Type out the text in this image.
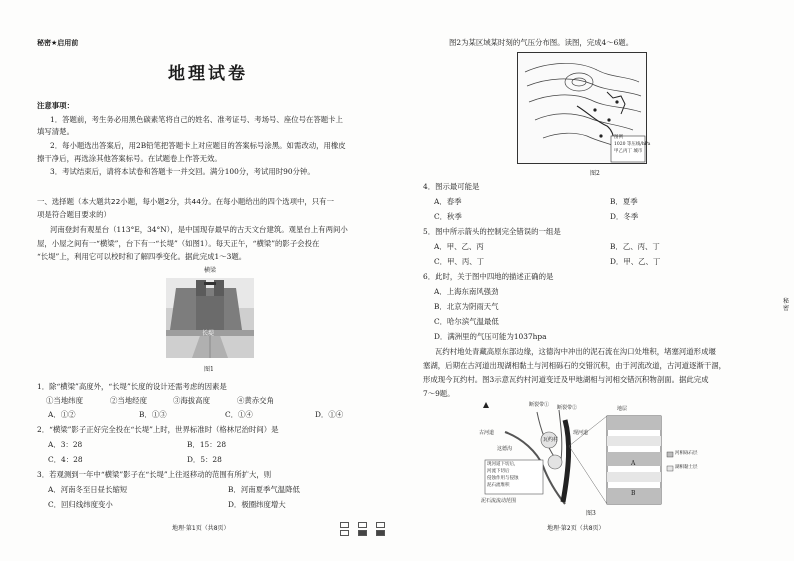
秘密★启用前
地理试卷
注意事项：
1．答题前，考生务必用黑色碳素笔将自己的姓名、准考证号、考场号、座位号在答题卡上
填写清楚。
2．每小题选出答案后，用2B铅笔把答题卡上对应题目的答案标号涂黑。如需改动，用橡皮
擦干净后，再选涂其他答案标号。在试题卷上作答无效。
3．考试结束后，请将本试卷和答题卡一并交回。满分100分，考试用时90分钟。
一、选择题（本大题共22小题，每小题2分，共44分。在每小题给出的四个选项中，只有一
项是符合题目要求的）
河南登封有观星台（113°E，34°N），是中国现存最早的古天文台建筑。观星台上有两间小
屋，小屋之间有一“横梁”，台下有一“长堤”（如图1）。每天正午，“横梁”的影子会投在
“长堤”上，利用它可以校时和了解四季变化。据此完成1～3题。
横梁
长堤
图1
1．除“横梁”高度外，“长堤”长度的设计还需考虑的因素是
①当地纬度	②当地经度	③海拔高度	④黄赤交角
A．①②	B．①③	C．①④	D．①④
2．“横梁”影子正好完全投在“长堤”上时，世界标准时（格林尼治时间）是
A．3：28	B．15：28
C．4：28	D．5：28
3．若观测到一年中“横梁”影子在“长堤”上往返移动的范围有所扩大，则
A．河南冬至日昼长缩短	B．河南夏季气温降低
C．回归线纬度变小	D．极圈纬度增大
地理·第1页（共8页）
图2为某区域某时刻的气压分布图。读图，完成4～6题。
图例
1020 等压线/hPa
甲乙丙丁 城市
图2
4．图示最可能是
A．春季	B．夏季
C．秋季	D．冬季
5．图中所示箭头的控制完全错误的一组是
A．甲、乙、丙	B．乙、丙、丁
C．甲、丙、丁	D．甲、乙、丁
6．此时，关于图中四地的描述正确的是
A．上海东南风强劲
B．北京为阴雨天气
C．哈尔滨气温最低
D．满洲里的气压可能为1037hpa
瓦约村地处青藏高原东部边缘，这德沟中冲出的泥石流在沟口处堆积，堵塞河道形成堰
塞湖，后期在古河道出现湖相黏土与河相砾石的交错沉积，由于河流改道，古河道逐渐干涸，
形成现今瓦约村。图3示意瓦约村河道变迁及甲地湖相与河相交错沉积物剖面。据此完成
7～9题。
断裂带① 断裂带②
古河道
瓦约村
这德沟
泥石流流动范围
现河道
地层
河相砾石层
湖相黏土层
A
B
现河道下切后，
河流下切后
侵蚀作用与侵蚀
泥石流堆积
图3
地理·第2页（共8页）
秘密
